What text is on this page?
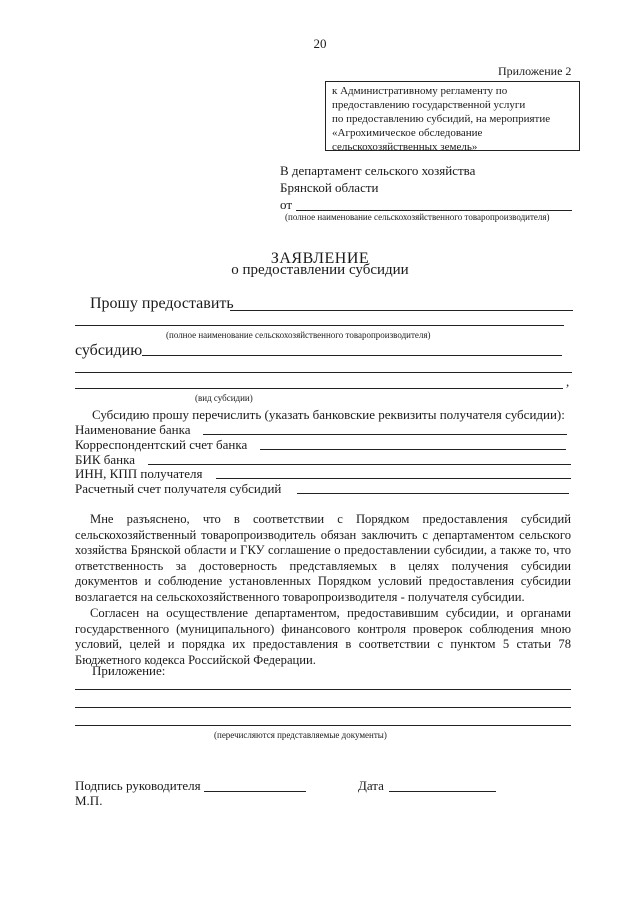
20
Приложение 2
к Административному регламенту по
предоставлению государственной услуги
по предоставлению субсидий, на мероприятие
«Агрохимическое обследование
сельскохозяйственных земель»
В департамент сельского хозяйства
Брянской области
от
(полное наименование сельскохозяйственного товаропроизводителя)
ЗАЯВЛЕНИЕ
о предоставлении субсидии
Прошу предоставить
(полное наименование сельскохозяйственного товаропроизводителя)
субсидию
,
(вид субсидии)
Субсидию прошу перечислить (указать банковские реквизиты получателя субсидии):
Наименование банка
Корреспондентский счет банка
БИК банка
ИНН, КПП получателя
Расчетный счет получателя субсидий

Мне разъяснено, что в соответствии с Порядком предоставления субсидий сельскохозяйственный товаропроизводитель обязан заключить с департаментом сельского хозяйства Брянской области и ГКУ соглашение о предоставлении субсидии, а также то, что ответственность за достоверность представляемых в целях получения субсидии документов и соблюдение установленных Порядком условий предоставления субсидии возлагается на сельскохозяйственного товаропроизводителя - получателя субсидии.

Согласен на осуществление департаментом, предоставившим субсидии, и органами государственного (муниципального) финансового контроля проверок соблюдения мною условий, целей и порядка их предоставления в соответствии с пунктом 5 статьи 78 Бюджетного кодекса Российской Федерации.

Приложение:
(перечисляются представляемые документы)
Подпись руководителя	Дата
М.П.
